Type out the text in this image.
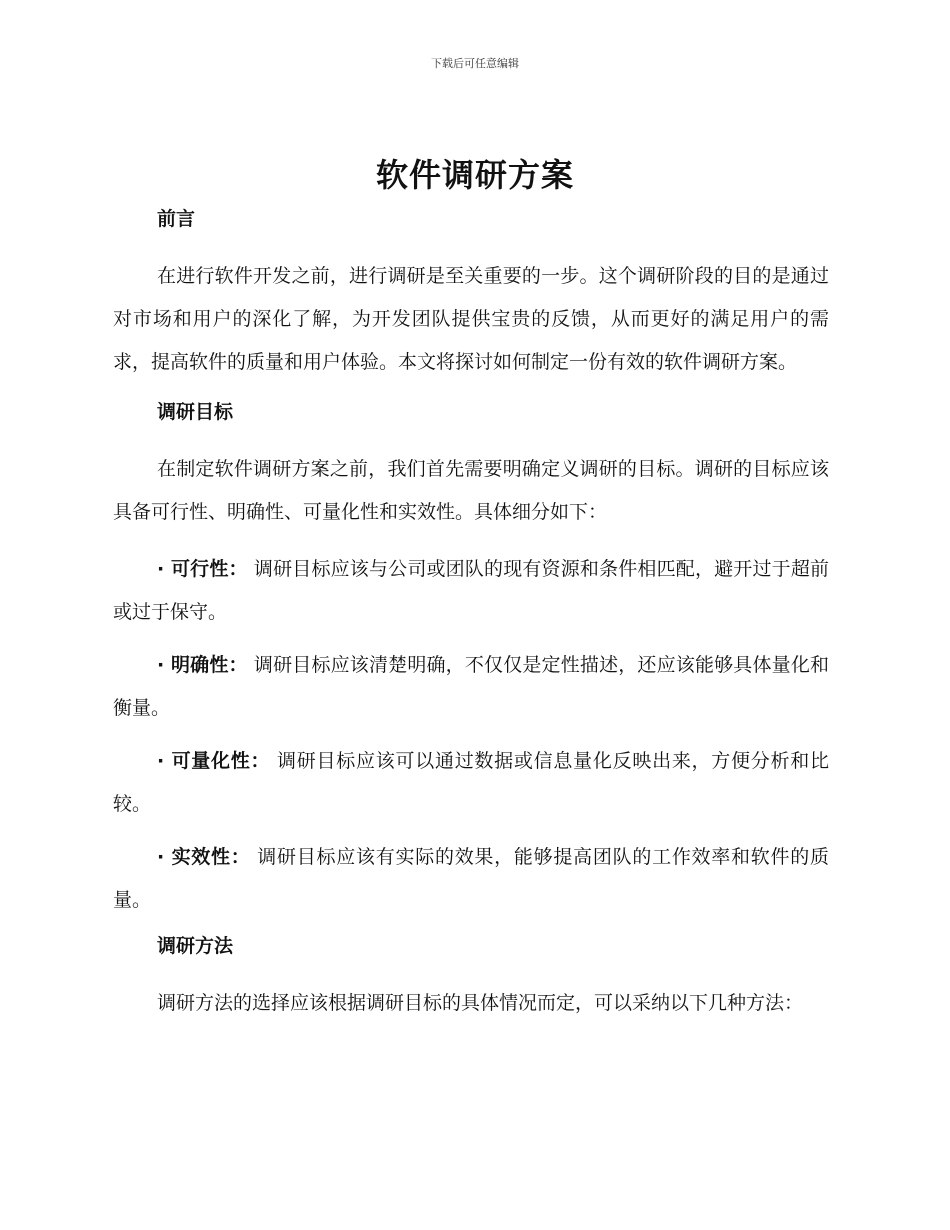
下载后可任意编辑
软件调研方案
前言

在进行软件开发之前，进行调研是至关重要的一步。这个调研阶段的目的是通过对市场和用户的深化了解，为开发团队提供宝贵的反馈，从而更好的满足用户的需求，提高软件的质量和用户体验。本文将探讨如何制定一份有效的软件调研方案。

调研目标

在制定软件调研方案之前，我们首先需要明确定义调研的目标。调研的目标应该具备可行性、明确性、可量化性和实效性。具体细分如下：

· 可行性： 调研目标应该与公司或团队的现有资源和条件相匹配，避开过于超前或过于保守。

· 明确性： 调研目标应该清楚明确，不仅仅是定性描述，还应该能够具体量化和衡量。

· 可量化性： 调研目标应该可以通过数据或信息量化反映出来，方便分析和比较。

· 实效性： 调研目标应该有实际的效果，能够提高团队的工作效率和软件的质量。

调研方法

调研方法的选择应该根据调研目标的具体情况而定，可以采纳以下几种方法：
